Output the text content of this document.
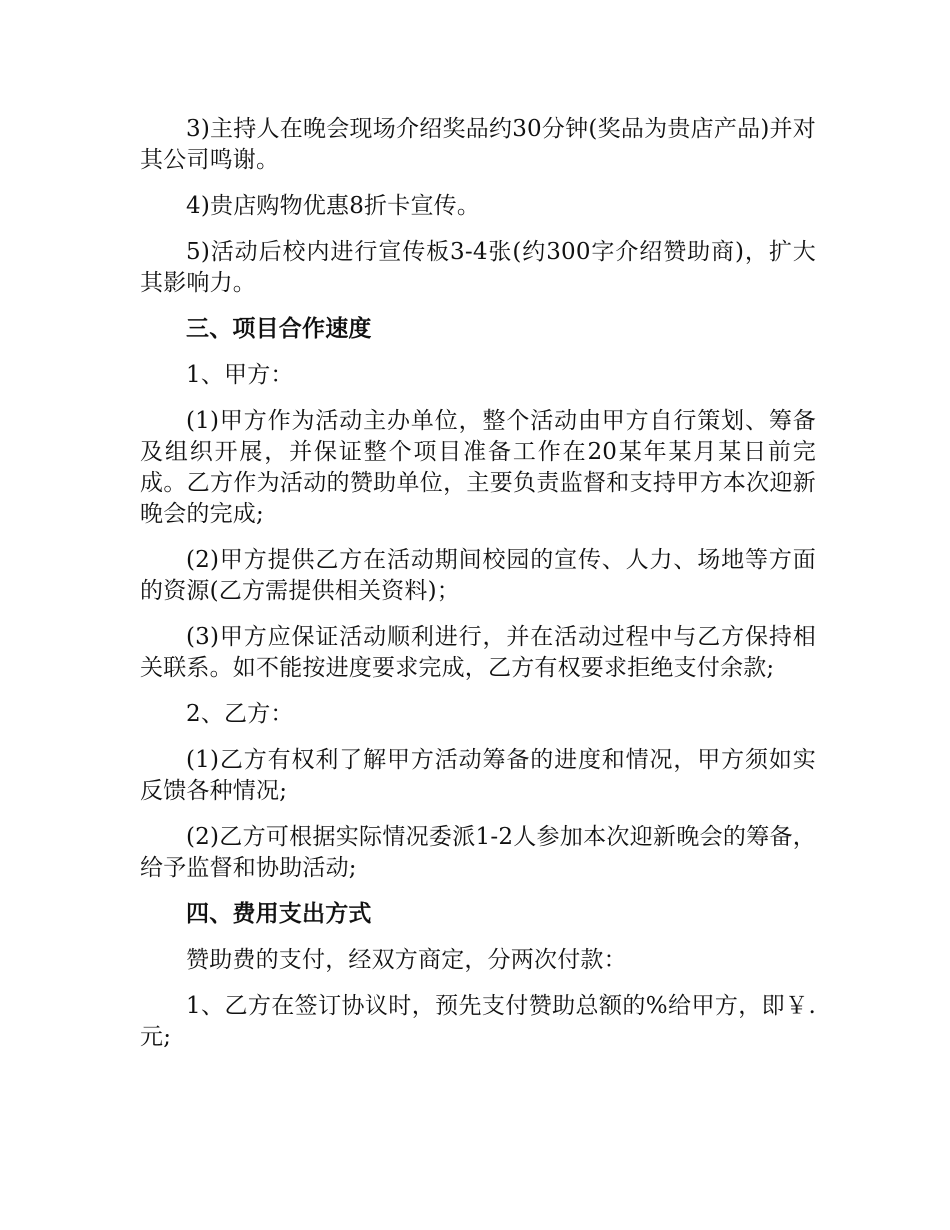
3)主持人在晚会现场介绍奖品约30分钟(奖品为贵店产品)并对其公司鸣谢。

4)贵店购物优惠8折卡宣传。

5)活动后校内进行宣传板3-4张(约300字介绍赞助商)，扩大其影响力。

三、项目合作速度

1、甲方：

(1)甲方作为活动主办单位，整个活动由甲方自行策划、筹备及组织开展，并保证整个项目准备工作在20某年某月某日前完成。乙方作为活动的赞助单位，主要负责监督和支持甲方本次迎新晚会的完成;

(2)甲方提供乙方在活动期间校园的宣传、人力、场地等方面的资源(乙方需提供相关资料)；

(3)甲方应保证活动顺利进行，并在活动过程中与乙方保持相关联系。如不能按进度要求完成，乙方有权要求拒绝支付余款;

2、乙方：

(1)乙方有权利了解甲方活动筹备的进度和情况，甲方须如实反馈各种情况;

(2)乙方可根据实际情况委派1-2人参加本次迎新晚会的筹备，给予监督和协助活动;

四、费用支出方式

赞助费的支付，经双方商定，分两次付款：

1、乙方在签订协议时，预先支付赞助总额的%给甲方，即￥.元;
